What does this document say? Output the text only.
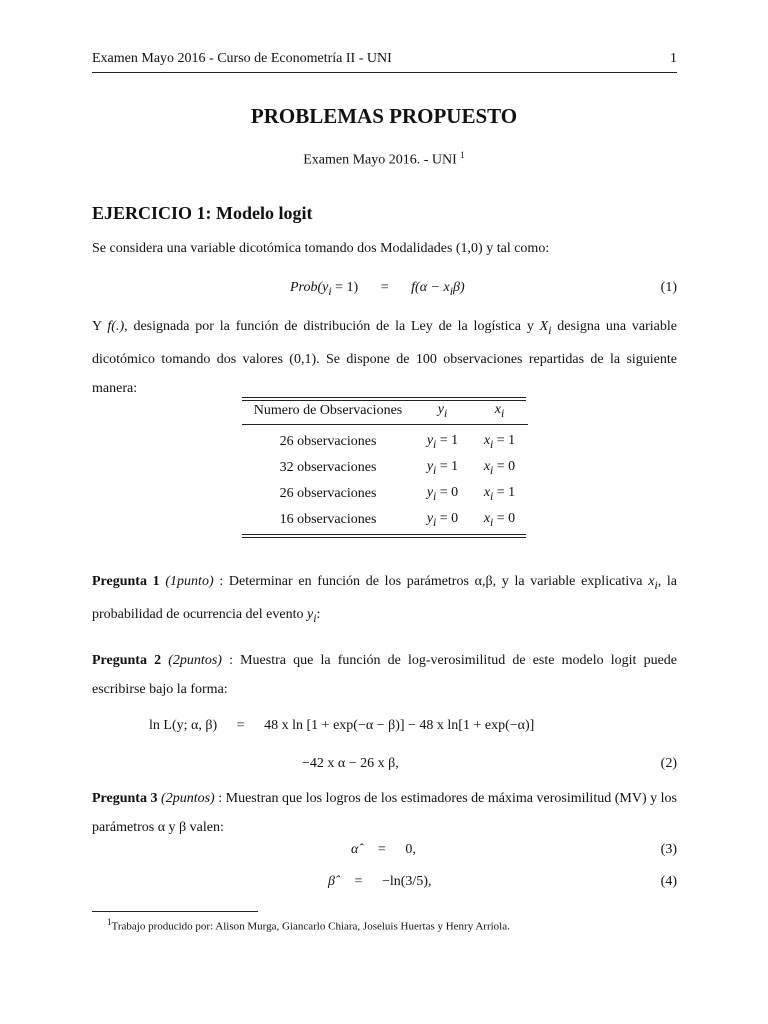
Examen Mayo 2016 - Curso de Econometría II - UNI	1
PROBLEMAS PROPUESTO
Examen Mayo 2016. - UNI $^1$
EJERCICIO 1: Modelo logit
Se considera una variable dicotómica tomando dos Modalidades (1,0) y tal como:
$Prob(y_i = 1) = f(\alpha - x_i\beta)$	(1)
Y f(.), designada por la función de distribución de la Ley de la logística y $X_i$ designa una variable dicotómico tomando dos valores (0,1). Se dispone de 100 observaciones repartidas de la siguiente manera:
Numero de Observaciones	$y_i$	$x_i$

26 observaciones	$y_i = 1$	$x_i = 1$
32 observaciones	$y_i = 1$	$x_i = 0$
26 observaciones	$y_i = 0$	$x_i = 1$
16 observaciones	$y_i = 0$	$x_i = 0$
Pregunta 1 (1punto) : Determinar en función de los parámetros α,β, y la variable explicativa $x_i$, la probabilidad de ocurrencia del evento $y_i$:
Pregunta 2 (2puntos) : Muestra que la función de log-verosimilitud de este modelo logit puede escribirse bajo la forma:
ln L(y; α, β) = 48 x ln [1 + exp(−α − β)] − 48 x ln[1 + exp(−α)]
−42 x α − 26 x β,	(2)
Pregunta 3 (2puntos) : Muestran que los logros de los estimadores de máxima verosimilitud (MV) y los parámetros α y β valen:
α̂ = 0,	(3)
β̂ = −ln(3/5),	(4)
$^1$Trabajo producido por: Alison Murga, Giancarlo Chiara, Joseluis Huertas y Henry Arriola.
